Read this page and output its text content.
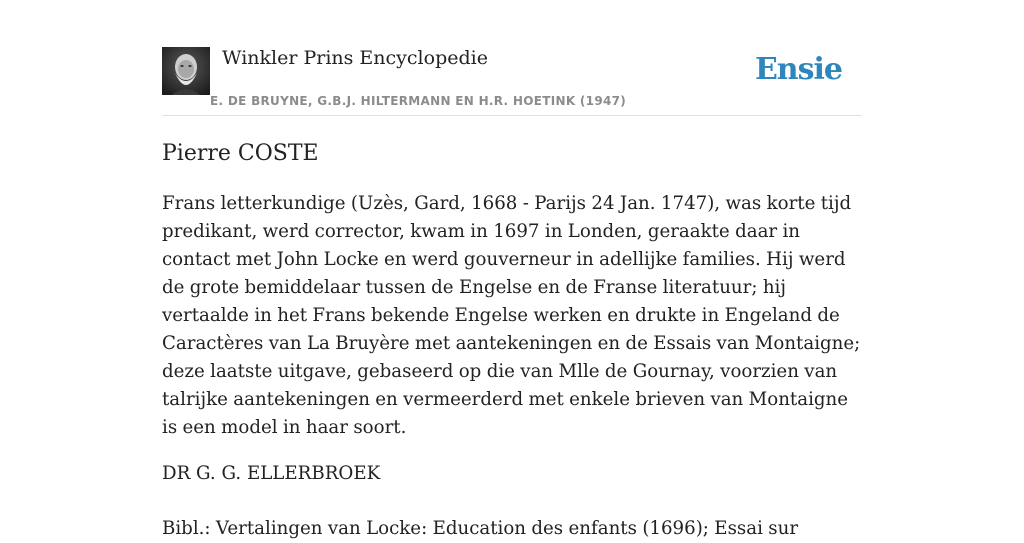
Winkler Prins Encyclopedie
E. DE BRUYNE, G.B.J. HILTERMANN EN H.R. HOETINK (1947)
Ensie
Pierre COSTE

Frans letterkundige (Uzès, Gard, 1668 - Parijs 24 Jan. 1747), was korte tijd predikant, werd corrector, kwam in 1697 in Londen, geraakte daar in contact met John Locke en werd gouverneur in adellijke families. Hij werd de grote bemiddelaar tussen de Engelse en de Franse literatuur; hij vertaalde in het Frans bekende Engelse werken en drukte in Engeland de Caractères van La Bruyère met aantekeningen en de Essais van Montaigne; deze laatste uitgave, gebaseerd op die van Mlle de Gournay, voorzien van talrijke aantekeningen en vermeerderd met enkele brieven van Montaigne is een model in haar soort.

DR G. G. ELLERBROEK

Bibl.: Vertalingen van Locke: Education des enfants (1696); Essai sur
